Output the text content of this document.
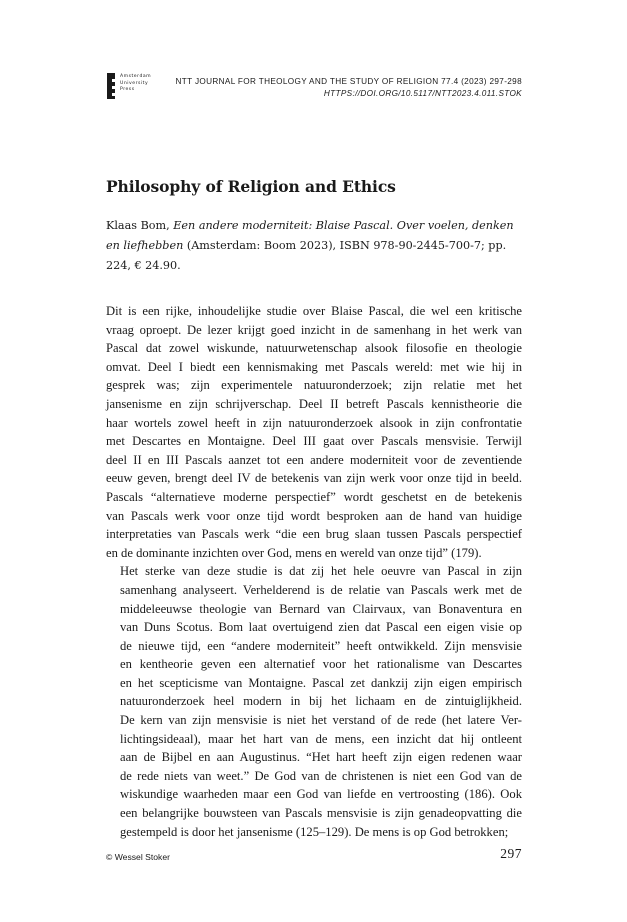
Amsterdam
University
Press
NTT JOURNAL FOR THEOLOGY AND THE STUDY OF RELIGION 77.4 (2023) 297-298
HTTPS://DOI.ORG/10.5117/NTT2023.4.011.STOK
Philosophy of Religion and Ethics

Klaas Bom, Een andere moderniteit: Blaise Pascal. Over voelen, denken en liefhebben (Amsterdam: Boom 2023), ISBN 978-90-2445-700-7; pp. 224, € 24.90.

Dit is een rijke, inhoudelijke studie over Blaise Pascal, die wel een kritische
vraag oproept. De lezer krijgt goed inzicht in de samenhang in het werk van
Pascal dat zowel wiskunde, natuurwetenschap alsook filosofie en theologie
omvat. Deel I biedt een kennismaking met Pascals wereld: met wie hij in
gesprek was; zijn experimentele natuuronderzoek; zijn relatie met het
jansenisme en zijn schrijverschap. Deel II betreft Pascals kennistheorie die
haar wortels zowel heeft in zijn natuuronderzoek alsook in zijn confrontatie
met Descartes en Montaigne. Deel III gaat over Pascals mensvisie. Terwijl
deel II en III Pascals aanzet tot een andere moderniteit voor de zeventiende
eeuw geven, brengt deel IV de betekenis van zijn werk voor onze tijd in beeld.
Pascals “alternatieve moderne perspectief” wordt geschetst en de betekenis
van Pascals werk voor onze tijd wordt besproken aan de hand van huidige
interpretaties van Pascals werk “die een brug slaan tussen Pascals perspectief
en de dominante inzichten over God, mens en wereld van onze tijd” (179).

Het sterke van deze studie is dat zij het hele oeuvre van Pascal in zijn
samenhang analyseert. Verhelderend is de relatie van Pascals werk met de
middeleeuwse theologie van Bernard van Clairvaux, van Bonaventura en
van Duns Scotus. Bom laat overtuigend zien dat Pascal een eigen visie op
de nieuwe tijd, een “andere moderniteit” heeft ontwikkeld. Zijn mensvisie
en kentheorie geven een alternatief voor het rationalisme van Descartes
en het scepticisme van Montaigne. Pascal zet dankzij zijn eigen empirisch
natuuronderzoek heel modern in bij het lichaam en de zintuiglijkheid.
De kern van zijn mensvisie is niet het verstand of de rede (het latere Ver-
lichtingsideaal), maar het hart van de mens, een inzicht dat hij ontleent
aan de Bijbel en aan Augustinus. “Het hart heeft zijn eigen redenen waar
de rede niets van weet.” De God van de christenen is niet een God van de
wiskundige waarheden maar een God van liefde en vertroosting (186). Ook
een belangrijke bouwsteen van Pascals mensvisie is zijn genadeopvatting die
gestempeld is door het jansenisme (125–129). De mens is op God betrokken;

© Wessel Stoker	297
